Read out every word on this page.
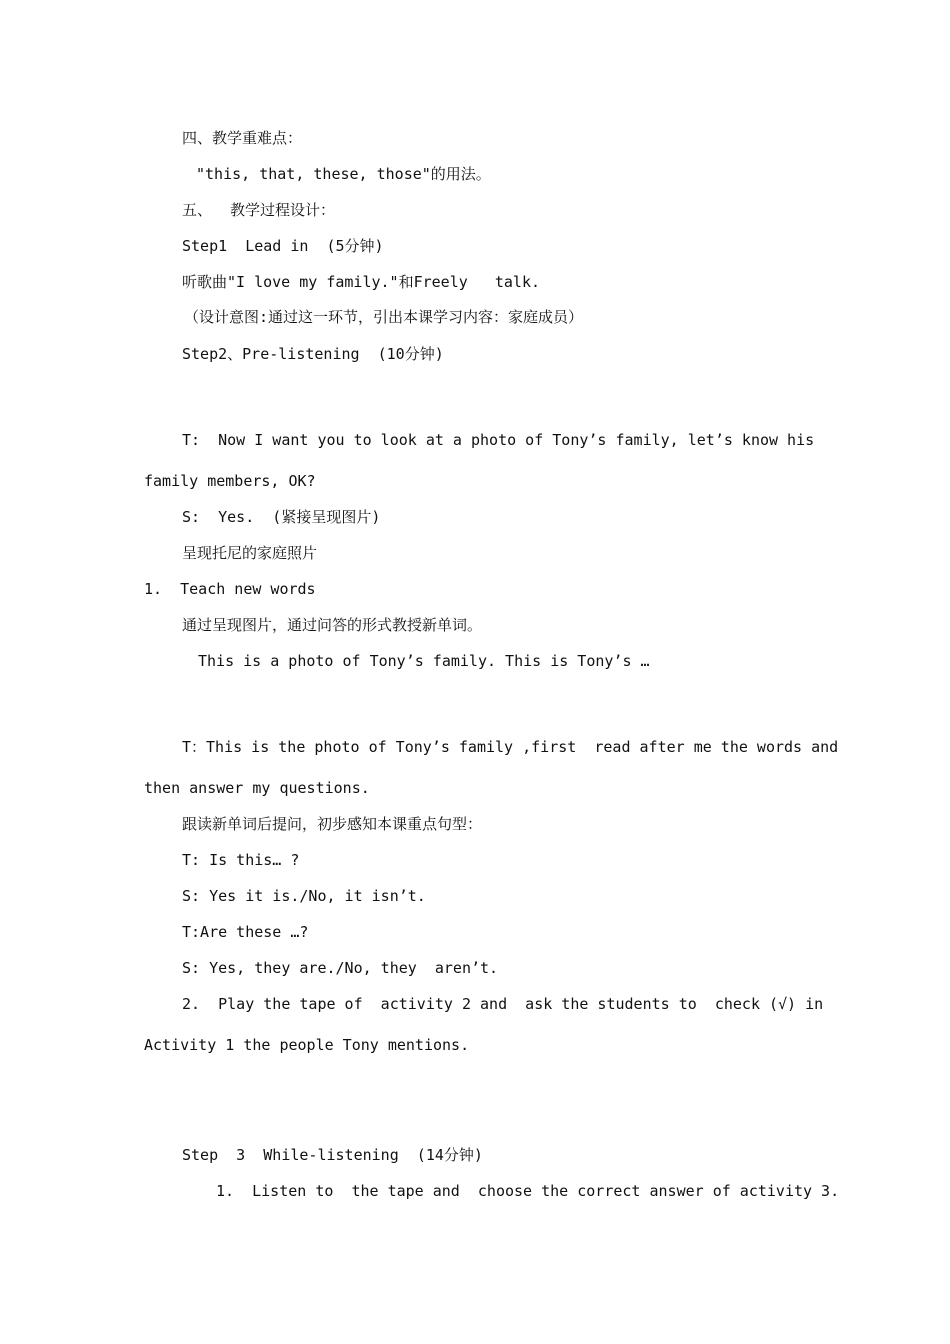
四、教学重难点：

"this, that, these, those"的用法。

五、  教学过程设计：

Step1  Lead in  (5分钟)

听歌曲"I love my family."和Freely   talk.

（设计意图:通过这一环节，引出本课学习内容：家庭成员）

Step2、Pre-listening  (10分钟)

T:  Now I want you to look at a photo of Tony’s family, let’s know his

family members, OK?

S:  Yes.  (紧接呈现图片)

呈现托尼的家庭照片

1.  Teach new words

通过呈现图片，通过问答的形式教授新单词。

This is a photo of Tony’s family. This is Tony’s …

T：This is the photo of Tony’s family ,first  read after me the words and

then answer my questions.

跟读新单词后提问，初步感知本课重点句型：

T: Is this… ?

S: Yes it is./No, it isn’t.

T:Are these …?

S: Yes, they are./No, they  aren’t.

2.  Play the tape of  activity 2 and  ask the students to  check (√) in

Activity 1 the people Tony mentions.

Step  3  While-listening  (14分钟)

1.  Listen to  the tape and  choose the correct answer of activity 3.
